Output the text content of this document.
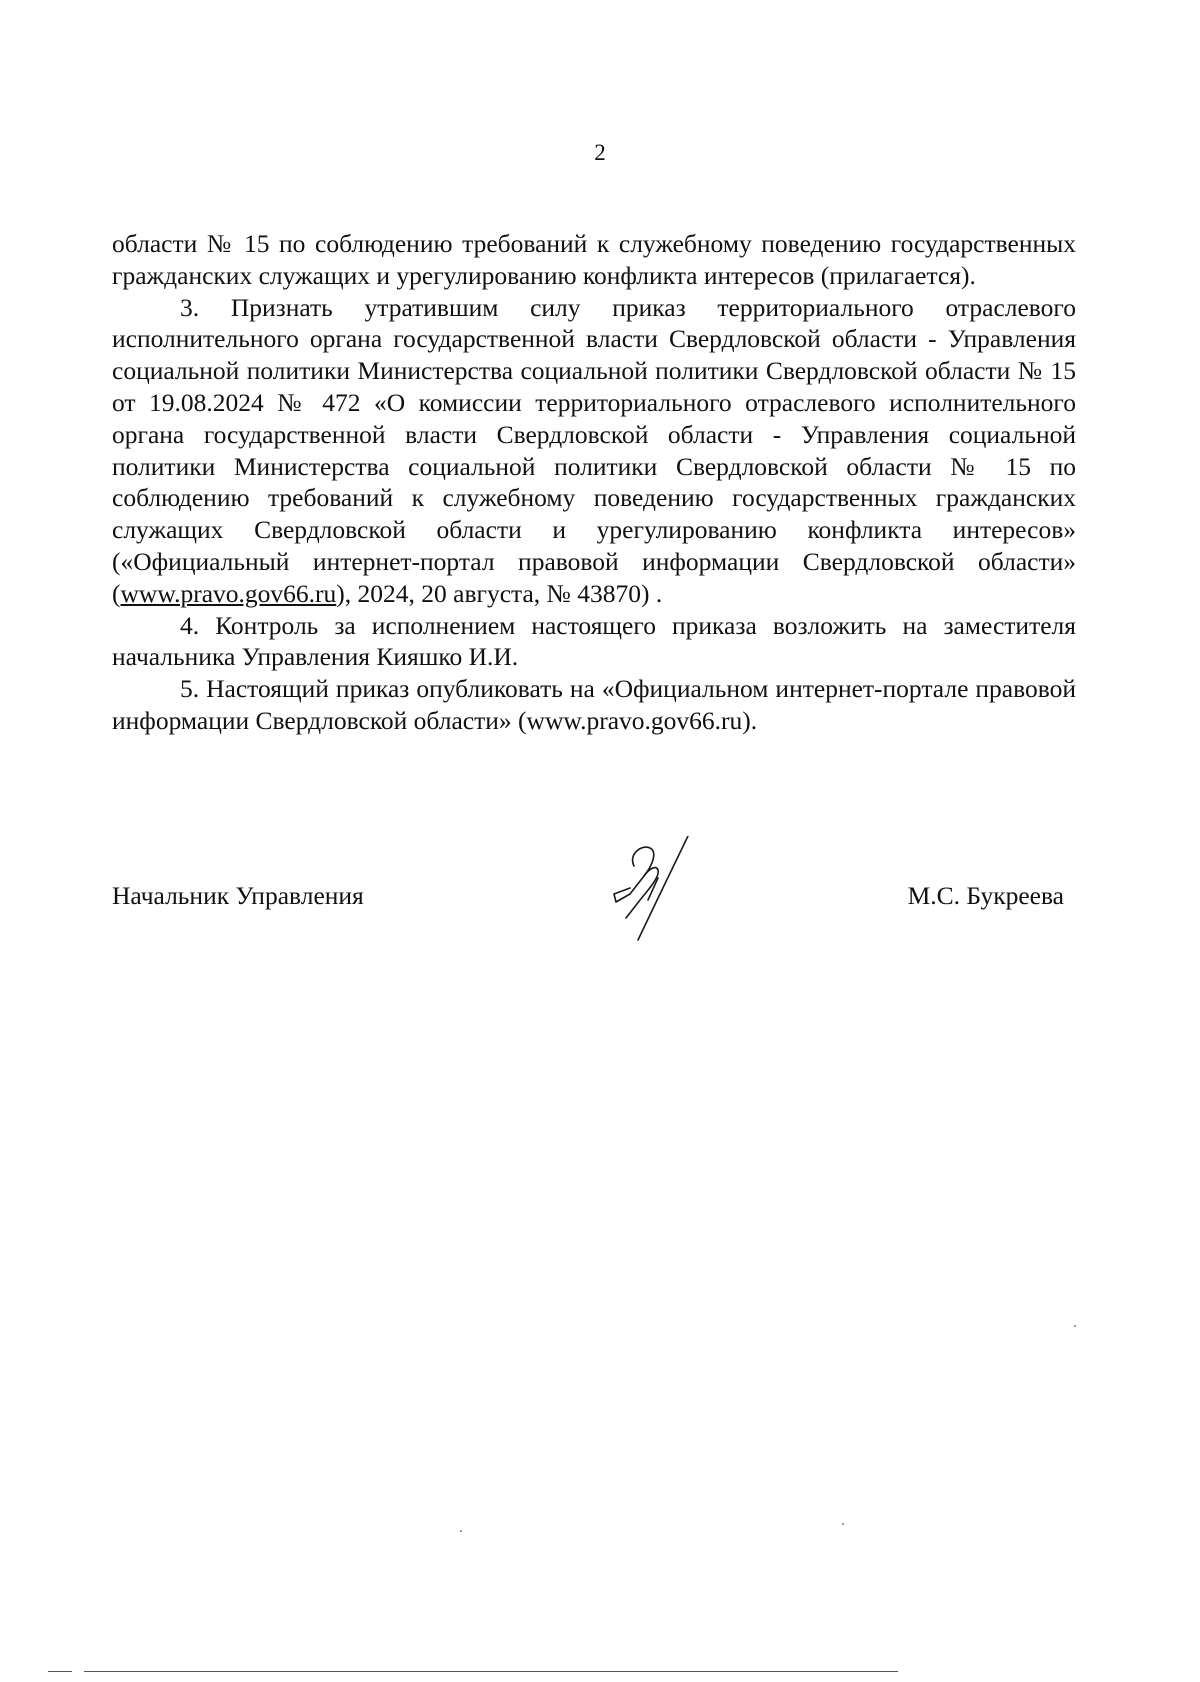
2

области № 15 по соблюдению требований к служебному поведению государственных гражданских служащих и урегулированию конфликта интересов (прилагается).

3. Признать утратившим силу приказ территориального отраслевого исполнительного органа государственной власти Свердловской области - Управления социальной политики Министерства социальной политики Свердловской области № 15 от 19.08.2024 № 472 «О комиссии территориального отраслевого исполнительного органа государственной власти Свердловской области - Управления социальной политики Министерства социальной политики Свердловской области № 15 по соблюдению требований к служебному поведению государственных гражданских служащих Свердловской области и урегулированию конфликта интересов» («Официальный интернет-портал правовой информации Свердловской области» (www.pravo.gov66.ru), 2024, 20 августа, № 43870) .

4. Контроль за исполнением настоящего приказа возложить на заместителя начальника Управления Кияшко И.И.

5. Настоящий приказ опубликовать на «Официальном интернет-портале правовой информации Свердловской области» (www.pravo.gov66.ru).

Начальник Управления	М.С. Букреева
